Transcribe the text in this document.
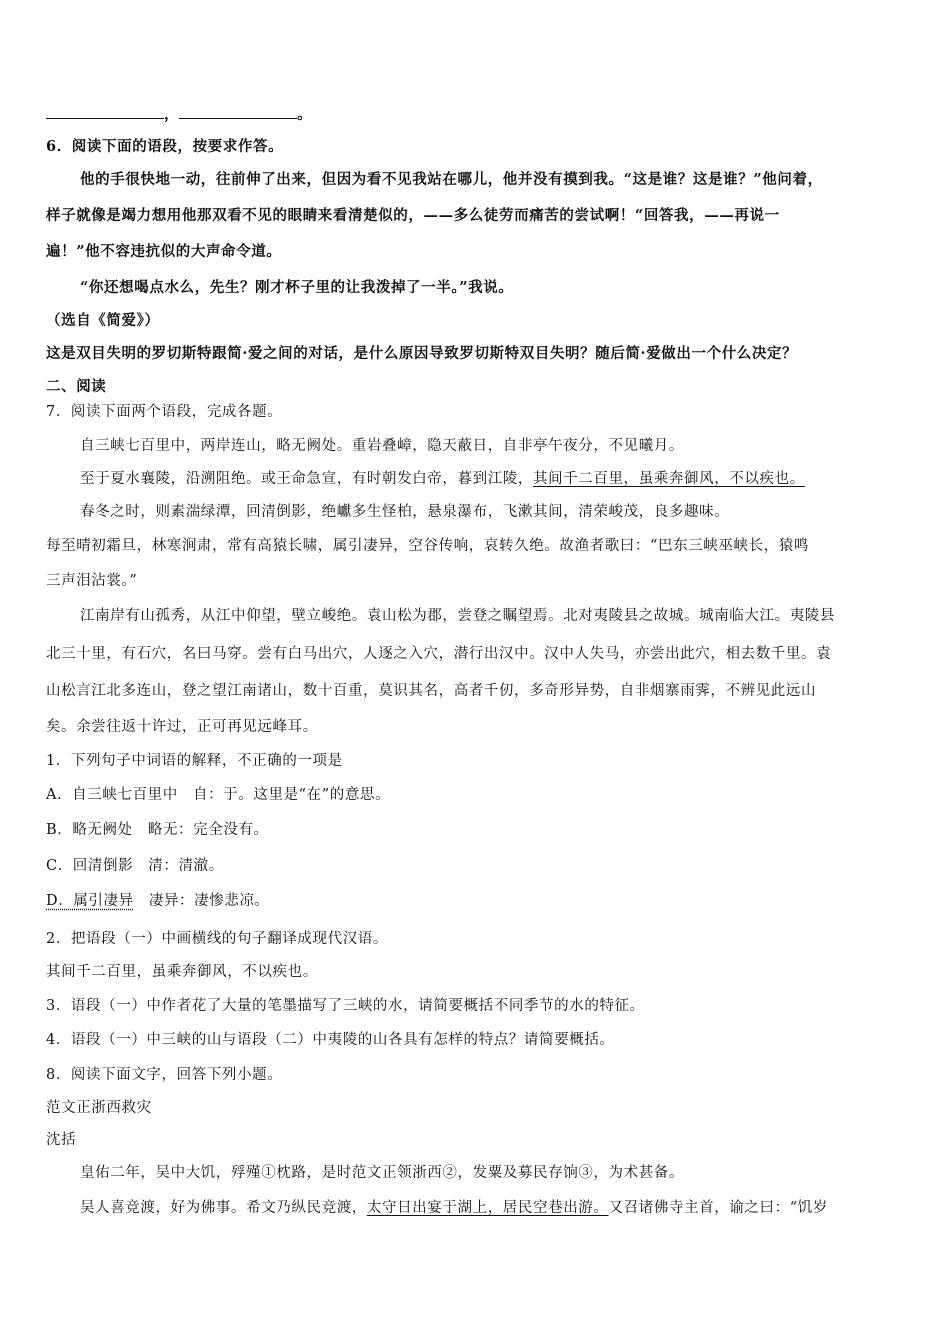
，	。
6．阅读下面的语段，按要求作答。
他的手很快地一动，往前伸了出来，但因为看不见我站在哪儿，他并没有摸到我。“这是谁？这是谁？”他问着，
样子就像是竭力想用他那双看不见的眼睛来看清楚似的，——多么徒劳而痛苦的尝试啊！“回答我，——再说一
遍！”他不容违抗似的大声命令道。
“你还想喝点水么，先生？刚才杯子里的让我泼掉了一半。”我说。
（选自《简爱》）
这是双目失明的罗切斯特跟简·爱之间的对话，是什么原因导致罗切斯特双目失明？随后简·爱做出一个什么决定？
二、阅读
7．阅读下面两个语段，完成各题。
自三峡七百里中，两岸连山，略无阙处。重岩叠嶂，隐天蔽日，自非亭午夜分，不见曦月。
至于夏水襄陵，沿溯阻绝。或王命急宣，有时朝发白帝，暮到江陵，其间千二百里，虽乘奔御风，不以疾也。
春冬之时，则素湍绿潭，回清倒影，绝巘多生怪柏，悬泉瀑布，飞漱其间，清荣峻茂，良多趣味。
每至晴初霜旦，林寒涧肃，常有高猿长啸，属引凄异，空谷传响，哀转久绝。故渔者歌曰：“巴东三峡巫峡长，猿鸣
三声泪沾裳。”
江南岸有山孤秀，从江中仰望，壁立峻绝。袁山松为郡，尝登之瞩望焉。北对夷陵县之故城。城南临大江。夷陵县
北三十里，有石穴，名曰马穿。尝有白马出穴，人逐之入穴，潜行出汉中。汉中人失马，亦尝出此穴，相去数千里。袁
山松言江北多连山，登之望江南诸山，数十百重，莫识其名，高者千仞，多奇形异势，自非烟寨雨霁，不辨见此远山
矣。余尝往返十许过，正可再见远峰耳。
1．下列句子中词语的解释，不正确的一项是
A．自三峡七百里中　自：于。这里是“在”的意思。
B．略无阙处　略无：完全没有。
C．回清倒影　清：清澈。
D．属引凄异  凄异：凄惨悲凉。
2．把语段（一）中画横线的句子翻译成现代汉语。
其间千二百里，虽乘奔御风，不以疾也。
3．语段（一）中作者花了大量的笔墨描写了三峡的水，请简要概括不同季节的水的特征。
4．语段（一）中三峡的山与语段（二）中夷陵的山各具有怎样的特点？请简要概括。
8．阅读下面文字，回答下列小题。
范文正浙西救灾
沈括
皇佑二年，吴中大饥，殍殣①枕路，是时范文正领浙西②，发粟及募民存饷③，为术甚备。
吴人喜竞渡，好为佛事。希文乃纵民竞渡，太守日出宴于湖上，居民空巷出游。又召诸佛寺主首，谕之曰：“饥岁
